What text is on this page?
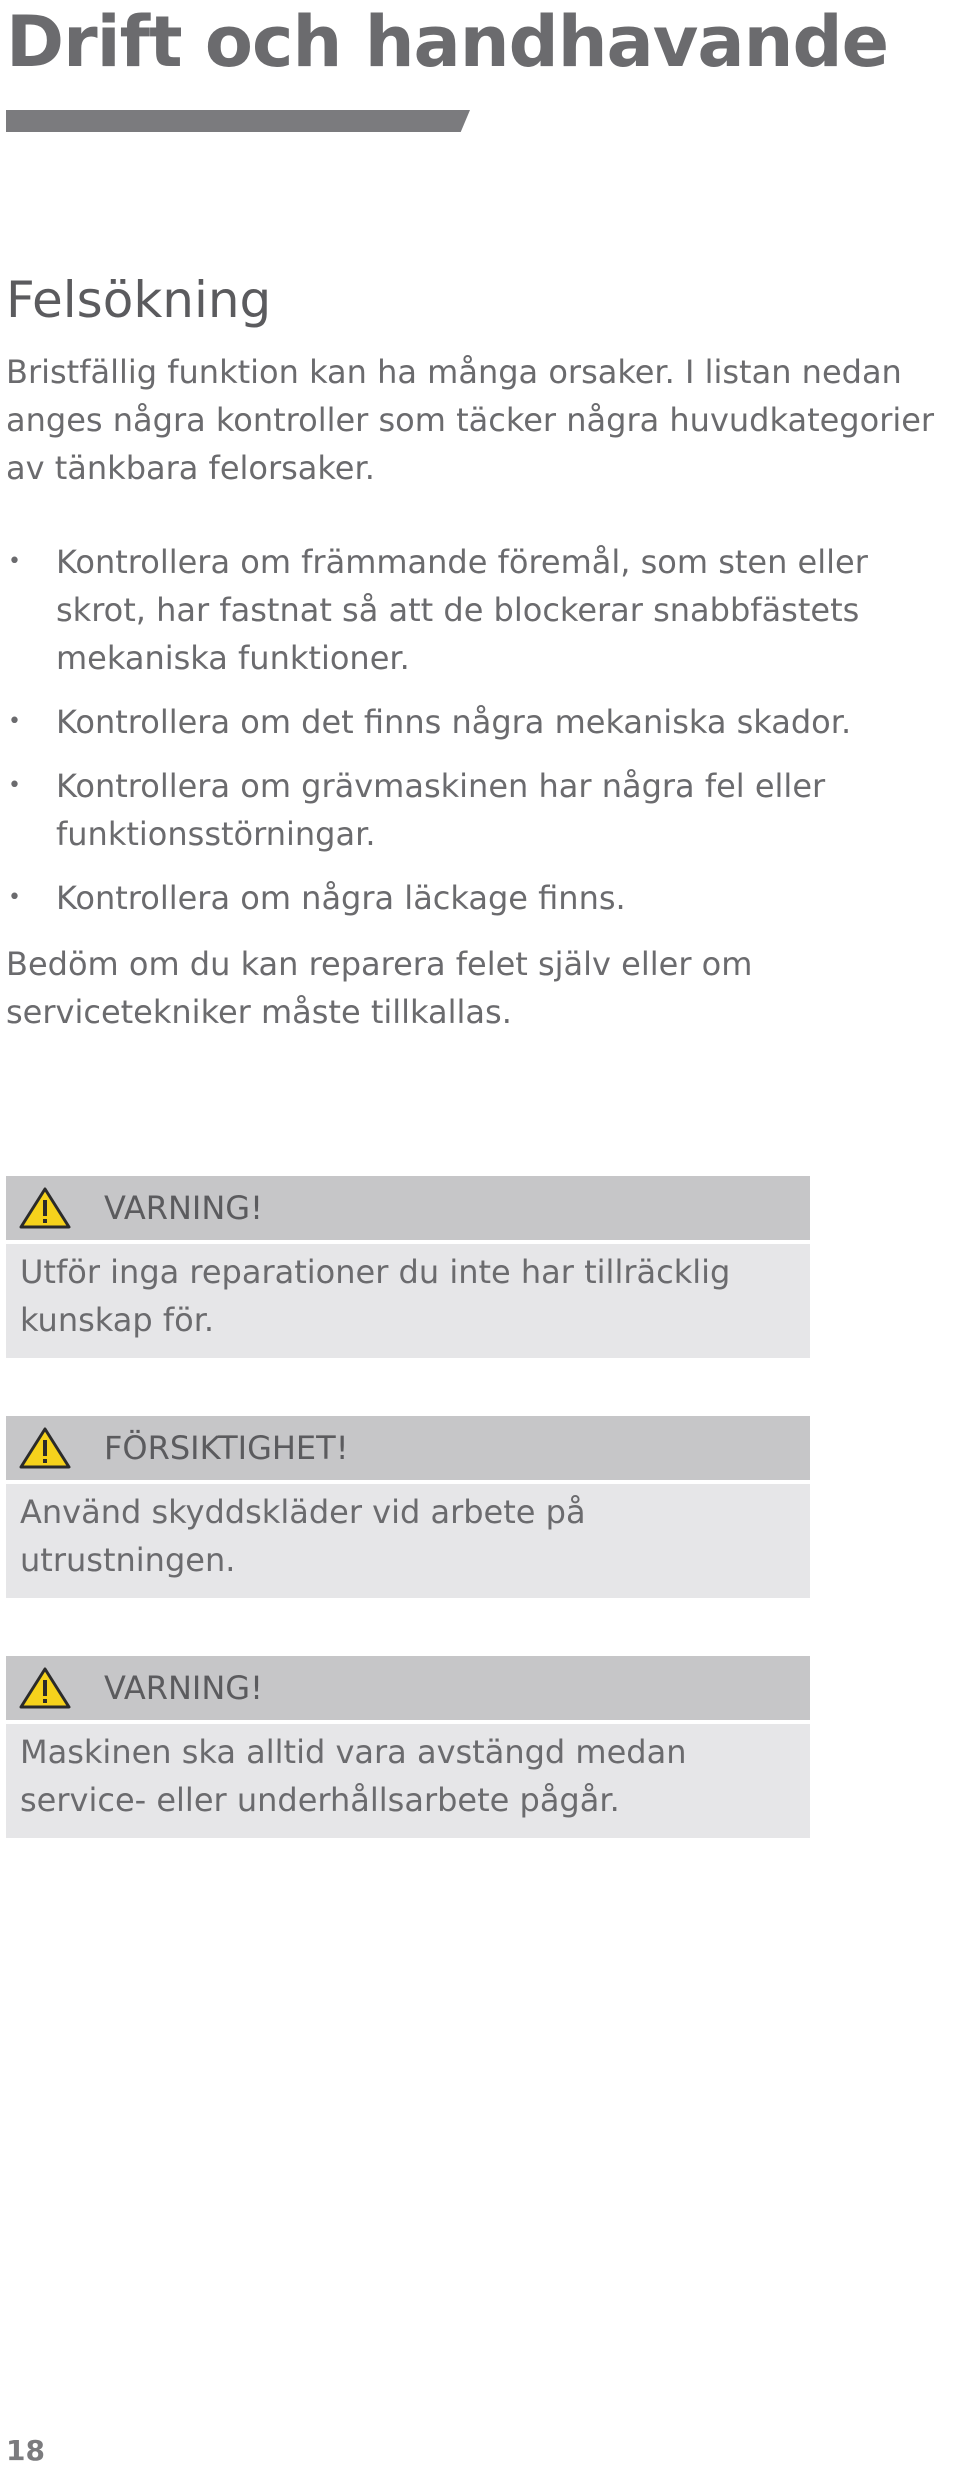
Drift och handhavande
Felsökning

Bristfällig funktion kan ha många orsaker. I listan nedan anges några kontroller som täcker några huvudkategorier av tänkbara felorsaker.

• Kontrollera om främmande föremål, som sten eller skrot, har fastnat så att de blockerar snabbfästets mekaniska funktioner.
• Kontrollera om det finns några mekaniska skador.
• Kontrollera om grävmaskinen har några fel eller funktionsstörningar.
• Kontrollera om några läckage finns.

Bedöm om du kan reparera felet själv eller om servicetekniker måste tillkallas.

VARNING!
Utför inga reparationer du inte har tillräcklig kunskap för.
FÖRSIKTIGHET!
Använd skyddskläder vid arbete på utrustningen.
VARNING!
Maskinen ska alltid vara avstängd medan service- eller underhållsarbete pågår.
18
